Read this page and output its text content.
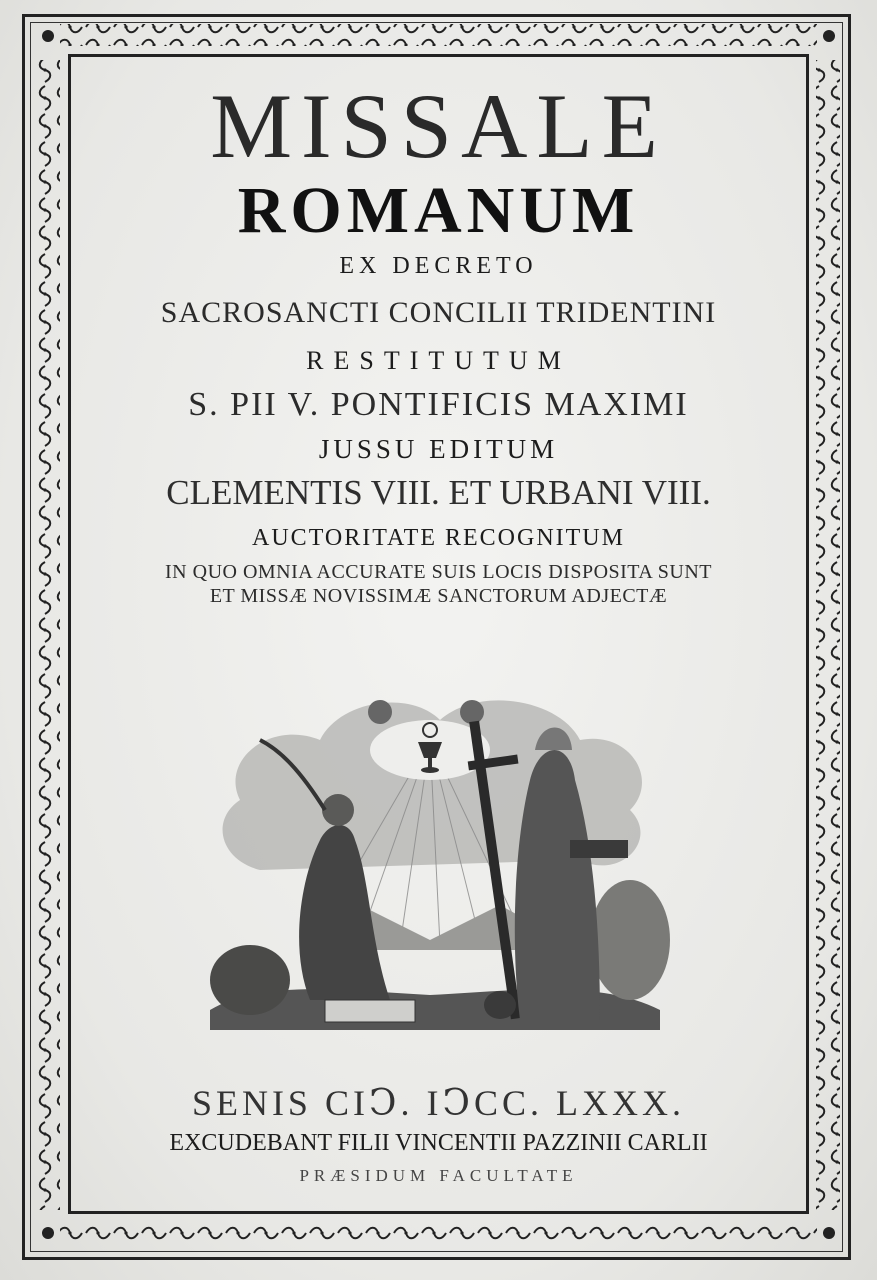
MISSALE
ROMANUM

EX DECRETO

SACROSANCTI CONCILII TRIDENTINI

RESTITUTUM

S. PII V. PONTIFICIS MAXIMI

JUSSU EDITUM

CLEMENTIS VIII. ET URBANI VIII.

AUCTORITATE RECOGNITUM

IN QUO OMNIA ACCURATE SUIS LOCIS DISPOSITA SUNT

ET MISSÆ NOVISSIMÆ SANCTORUM ADJECTÆ

SENIS CIↃ. IↃCC. LXXX.

EXCUDEBANT FILII VINCENTII PAZZINII CARLII

PRÆSIDUM FACULTATE
